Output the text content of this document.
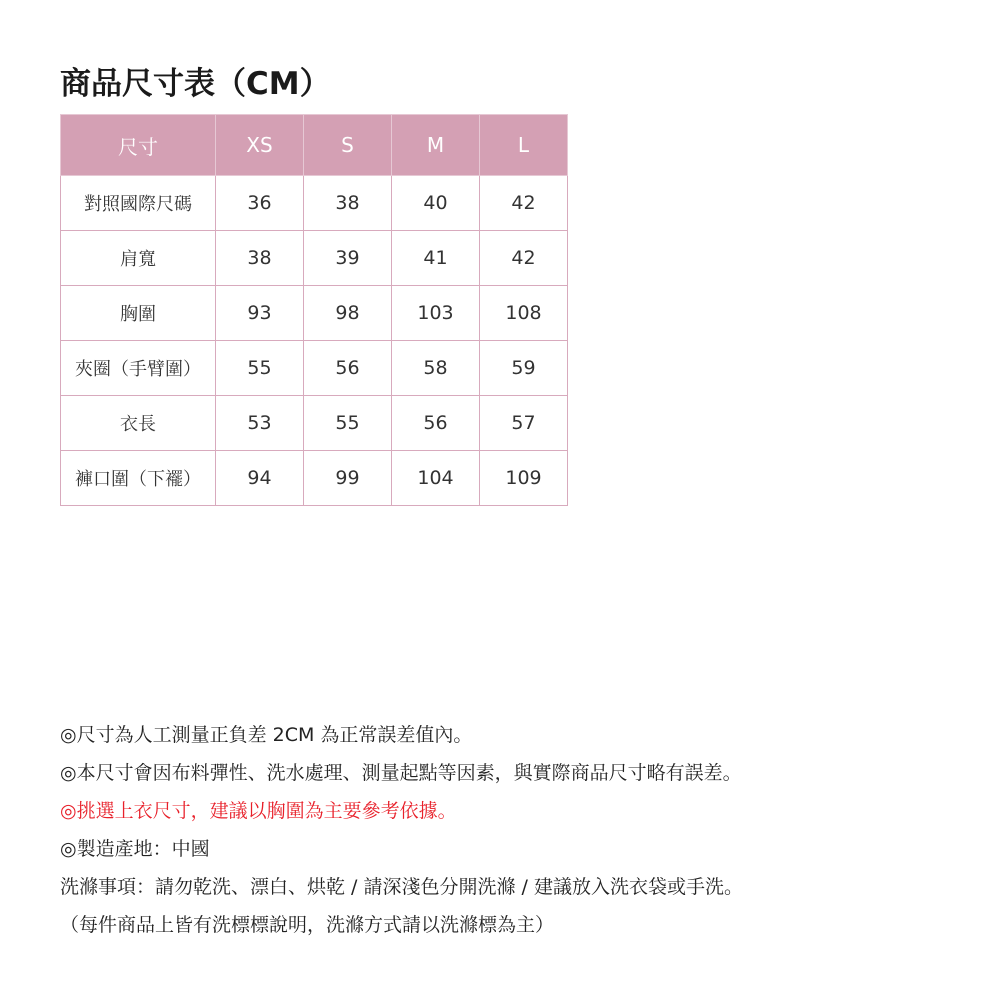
商品尺寸表（CM）
尺寸	XS	S	M	L
對照國際尺碼	36	38	40	42
肩寬	38	39	41	42
胸圍	93	98	103	108
夾圈（手臂圍）	55	56	58	59
衣長	53	55	56	57
褲口圍（下襬）	94	99	104	109
◎尺寸為人工測量正負差 2CM 為正常誤差值內。
◎本尺寸會因布料彈性、洗水處理、測量起點等因素，與實際商品尺寸略有誤差。
◎挑選上衣尺寸，建議以胸圍為主要參考依據。
◎製造產地：中國
洗滌事項：請勿乾洗、漂白、烘乾 / 請深淺色分開洗滌 / 建議放入洗衣袋或手洗。
（每件商品上皆有洗標標說明，洗滌方式請以洗滌標為主）
